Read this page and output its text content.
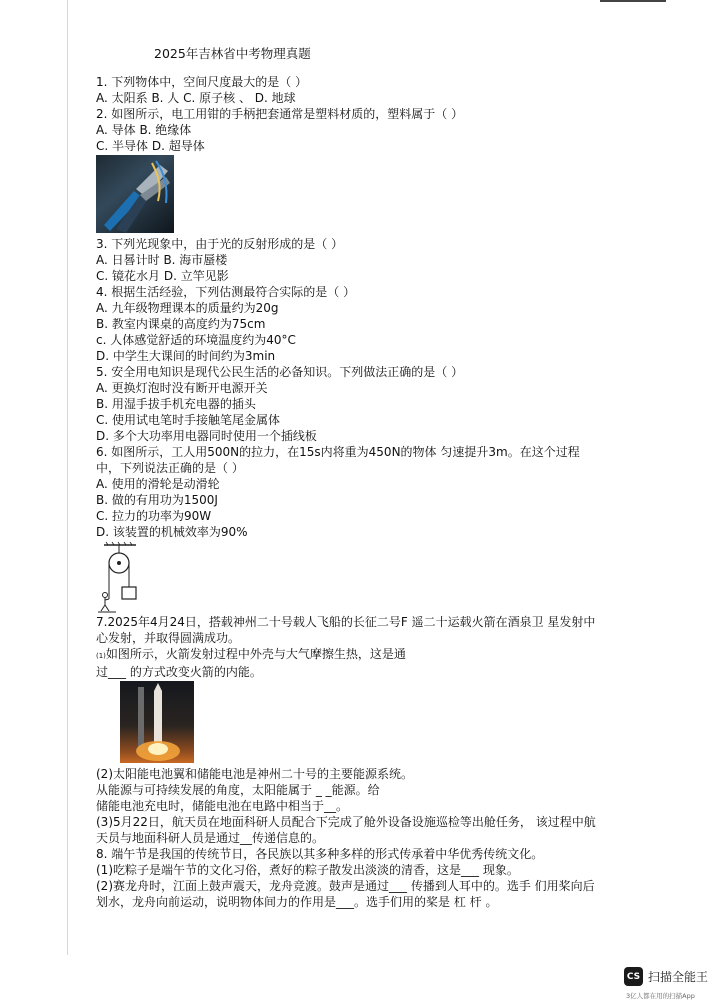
2025年吉林省中考物理真题
1. 下列物体中，空间尺度最大的是（ ）
A. 太阳系 B. 人 C. 原子核 、 D. 地球
2. 如图所示，电工用钳的手柄把套通常是塑料材质的，塑料属于（ ）
A. 导体 B. 绝缘体
C. 半导体 D. 超导体
3. 下列光现象中，由于光的反射形成的是（ ）
A. 日晷计时 B. 海市蜃楼
C. 镜花水月 D. 立竿见影
4. 根据生活经验，下列估测最符合实际的是（ ）
A. 九年级物理课本的质量约为20g
B. 教室内课桌的高度约为75cm
c. 人体感觉舒适的环境温度约为40°C
D. 中学生大课间的时间约为3min
5. 安全用电知识是现代公民生活的必备知识。下列做法正确的是（ ）
A. 更换灯泡时没有断开电源开关
B. 用湿手拔手机充电器的插头
C. 使用试电笔时手接触笔尾金属体
D. 多个大功率用电器同时使用一个插线板
6. 如图所示，工人用500N的拉力，在15s内将重为450N的物体 匀速提升3m。在这个过程
中，下列说法正确的是（ ）
A. 使用的滑轮是动滑轮
B. 做的有用功为1500J
C. 拉力的功率为90W
D. 该装置的机械效率为90%
7.2025年4月24日，搭载神州二十号载人飞船的长征二号F 遥二十运载火箭在酒泉卫 星发射中
心发射，并取得圆满成功。
(1)如图所示，火箭发射过程中外壳与大气摩擦生热，这是通
过___ 的方式改变火箭的内能。
(2)太阳能电池翼和储能电池是神州二十号的主要能源系统。
从能源与可持续发展的角度，太阳能属于 _ _能源。给
储能电池充电时，储能电池在电路中相当于__。
(3)5月22日，航天员在地面科研人员配合下完成了舱外设备设施巡检等出舱任务， 该过程中航
天员与地面科研人员是通过__传递信息的。
8. 端午节是我国的传统节日，各民族以其多种多样的形式传承着中华优秀传统文化。
(1)吃粽子是端午节的文化习俗，煮好的粽子散发出淡淡的清香，这是___ 现象。
(2)赛龙舟时，江面上鼓声震天，龙舟竞渡。鼓声是通过___ 传播到人耳中的。选手 们用桨向后
划水，龙舟向前运动，说明物体间力的作用是___。选手们用的桨是 杠 杆 。
CS 扫描全能王
3亿人都在用的扫描App
